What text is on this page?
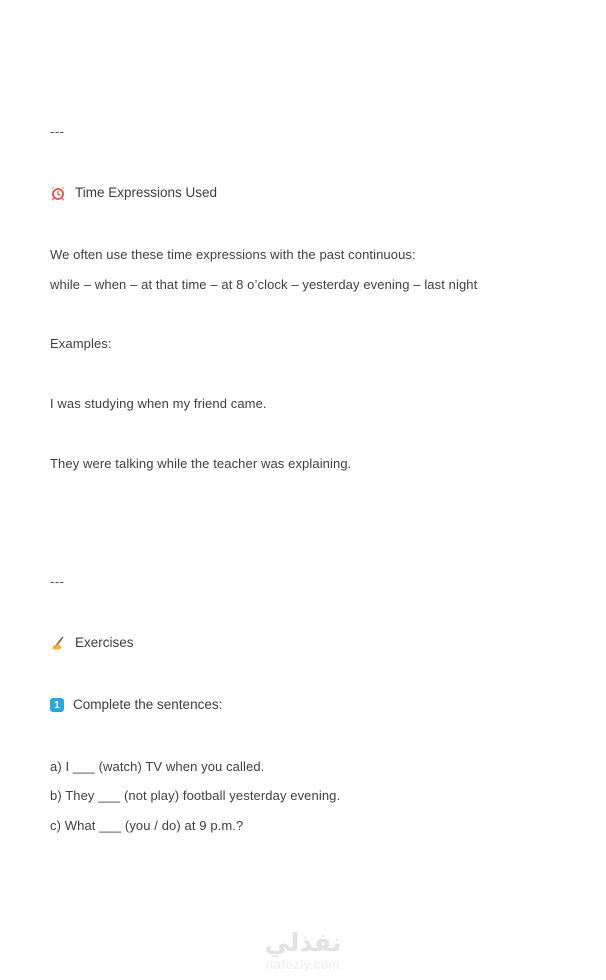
---
Time Expressions Used
We often use these time expressions with the past continuous:
while – when – at that time – at 8 o’clock – yesterday evening – last night
Examples:
I was studying when my friend came.
They were talking while the teacher was explaining.
---
Exercises
1 Complete the sentences:
a) I ___ (watch) TV when you called.
b) They ___ (not play) football yesterday evening.
c) What ___ (you / do) at 9 p.m.?
نفذلي
nafezly.com
